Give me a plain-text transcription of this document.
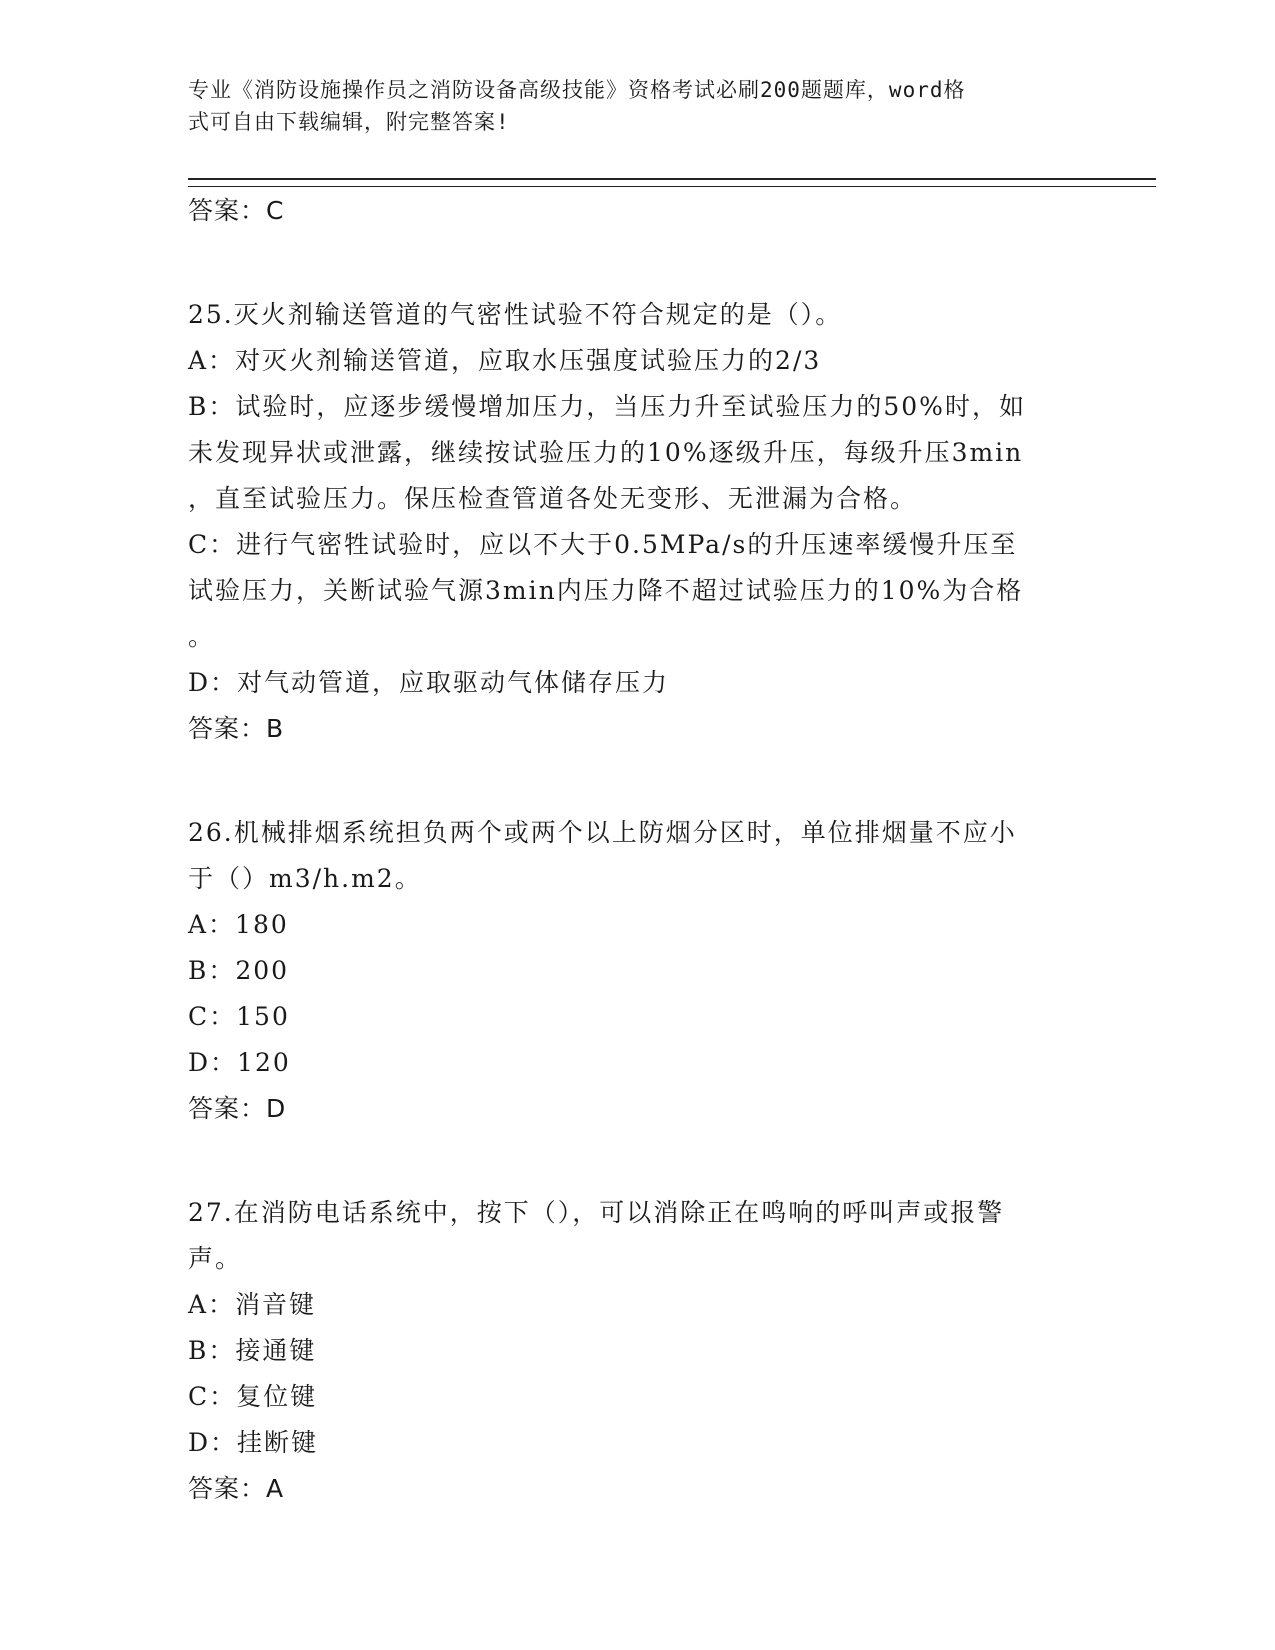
专业《消防设施操作员之消防设备高级技能》资格考试必刷200题题库，word格
式可自由下载编辑，附完整答案!
答案：C
25.灭火剂输送管道的气密性试验不符合规定的是（）。
A：对灭火剂输送管道，应取水压强度试验压力的2/3
B：试验时，应逐步缓慢增加压力，当压力升至试验压力的50%时，如
未发现异状或泄露，继续按试验压力的10%逐级升压，每级升压3min
，直至试验压力。保压检查管道各处无变形、无泄漏为合格。
C：进行气密牲试验时，应以不大于0.5MPa/s的升压速率缓慢升压至
试验压力，关断试验气源3min内压力降不超过试验压力的10%为合格
。
D：对气动管道，应取驱动气体储存压力
答案：B
26.机械排烟系统担负两个或两个以上防烟分区时，单位排烟量不应小
于（）m3/h.m2。
A：180
B：200
C：150
D：120
答案：D
27.在消防电话系统中，按下（），可以消除正在鸣响的呼叫声或报警
声。
A：消音键
B：接通键
C：复位键
D：挂断键
答案：A
